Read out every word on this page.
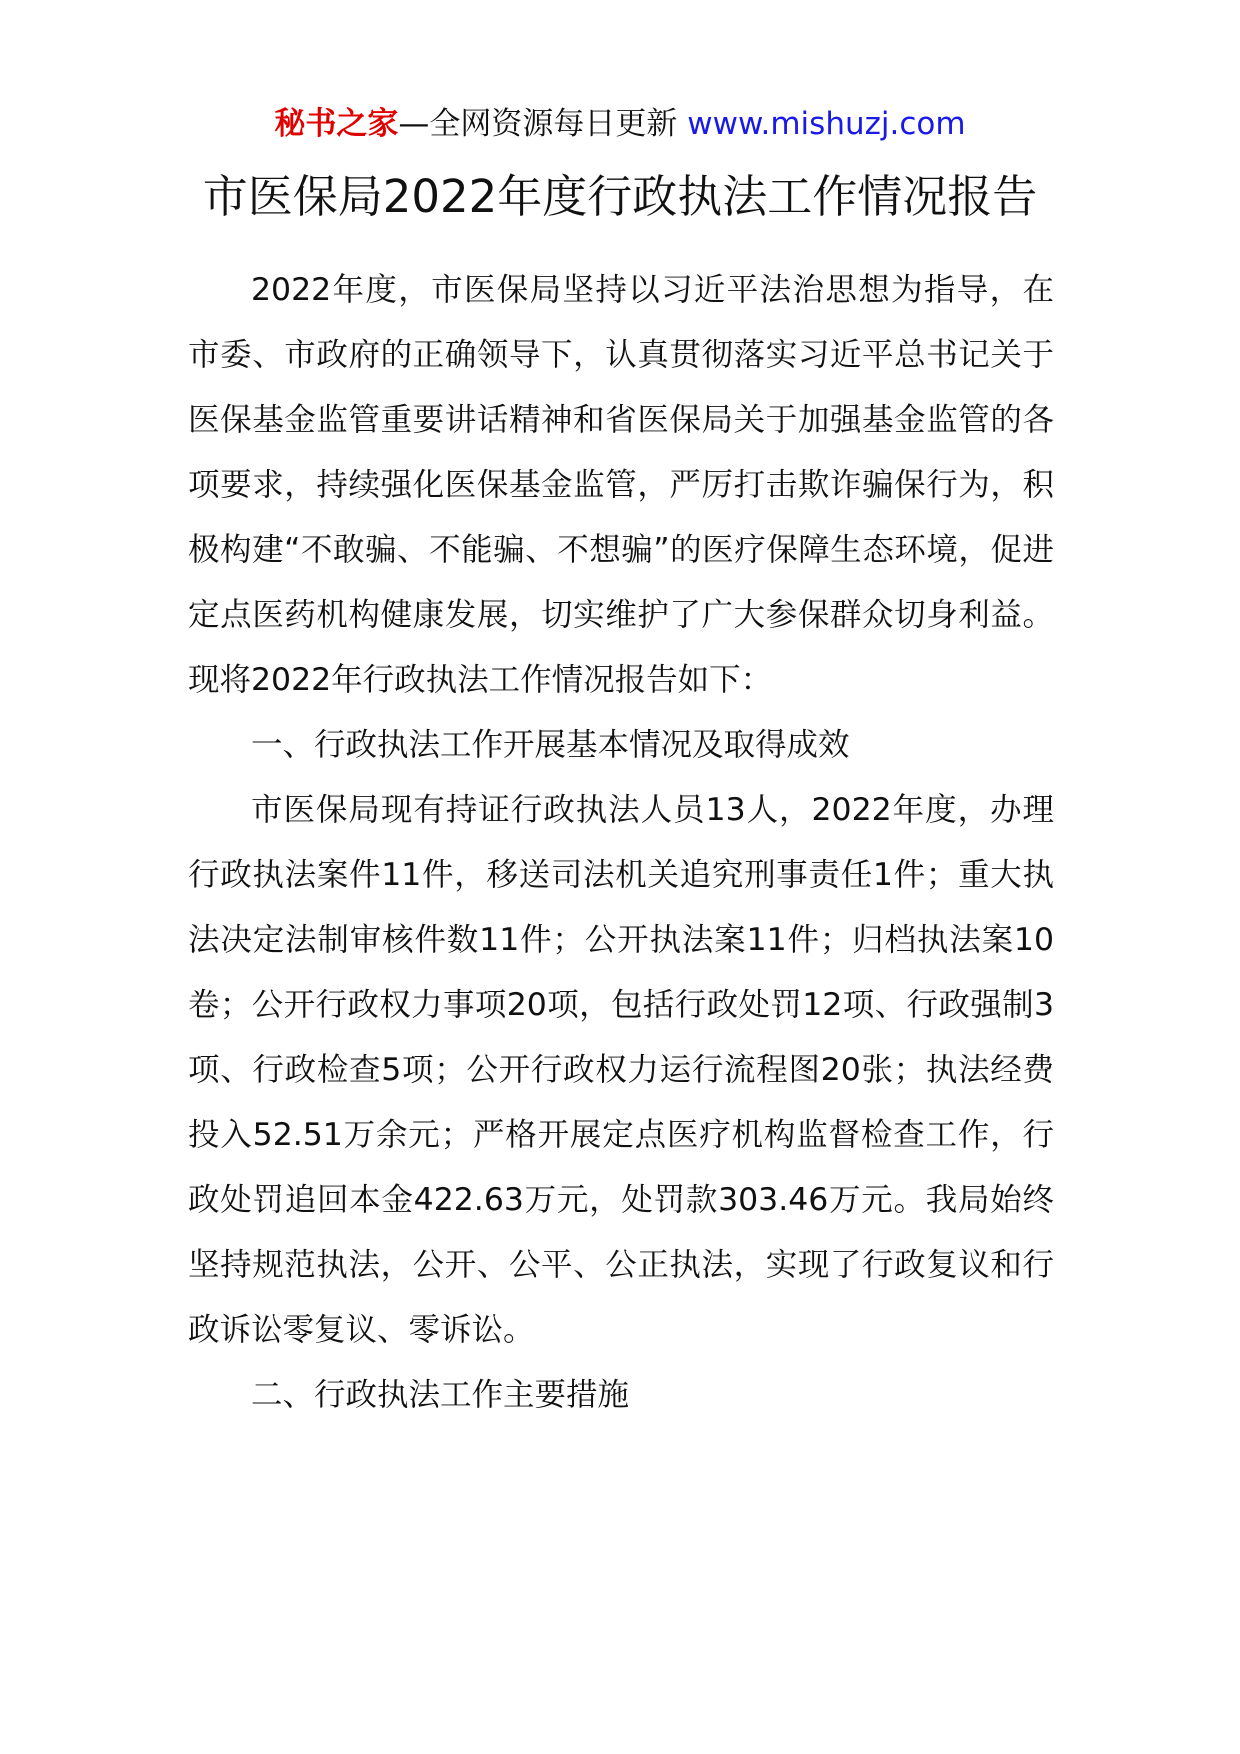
秘书之家—全网资源每日更新 www.mishuzj.com
市医保局2022年度行政执法工作情况报告

2022年度，市医保局坚持以习近平法治思想为指导，在市委、市政府的正确领导下，认真贯彻落实习近平总书记关于医保基金监管重要讲话精神和省医保局关于加强基金监管的各项要求，持续强化医保基金监管，严厉打击欺诈骗保行为，积极构建“不敢骗、不能骗、不想骗”的医疗保障生态环境，促进定点医药机构健康发展，切实维护了广大参保群众切身利益。现将2022年行政执法工作情况报告如下：

一、行政执法工作开展基本情况及取得成效

市医保局现有持证行政执法人员13人，2022年度，办理行政执法案件11件，移送司法机关追究刑事责任1件；重大执法决定法制审核件数11件；公开执法案11件；归档执法案10卷；公开行政权力事项20项，包括行政处罚12项、行政强制3项、行政检查5项；公开行政权力运行流程图20张；执法经费投入52.51万余元；严格开展定点医疗机构监督检查工作，行政处罚追回本金422.63万元，处罚款303.46万元。我局始终坚持规范执法，公开、公平、公正执法，实现了行政复议和行政诉讼零复议、零诉讼。

二、行政执法工作主要措施
